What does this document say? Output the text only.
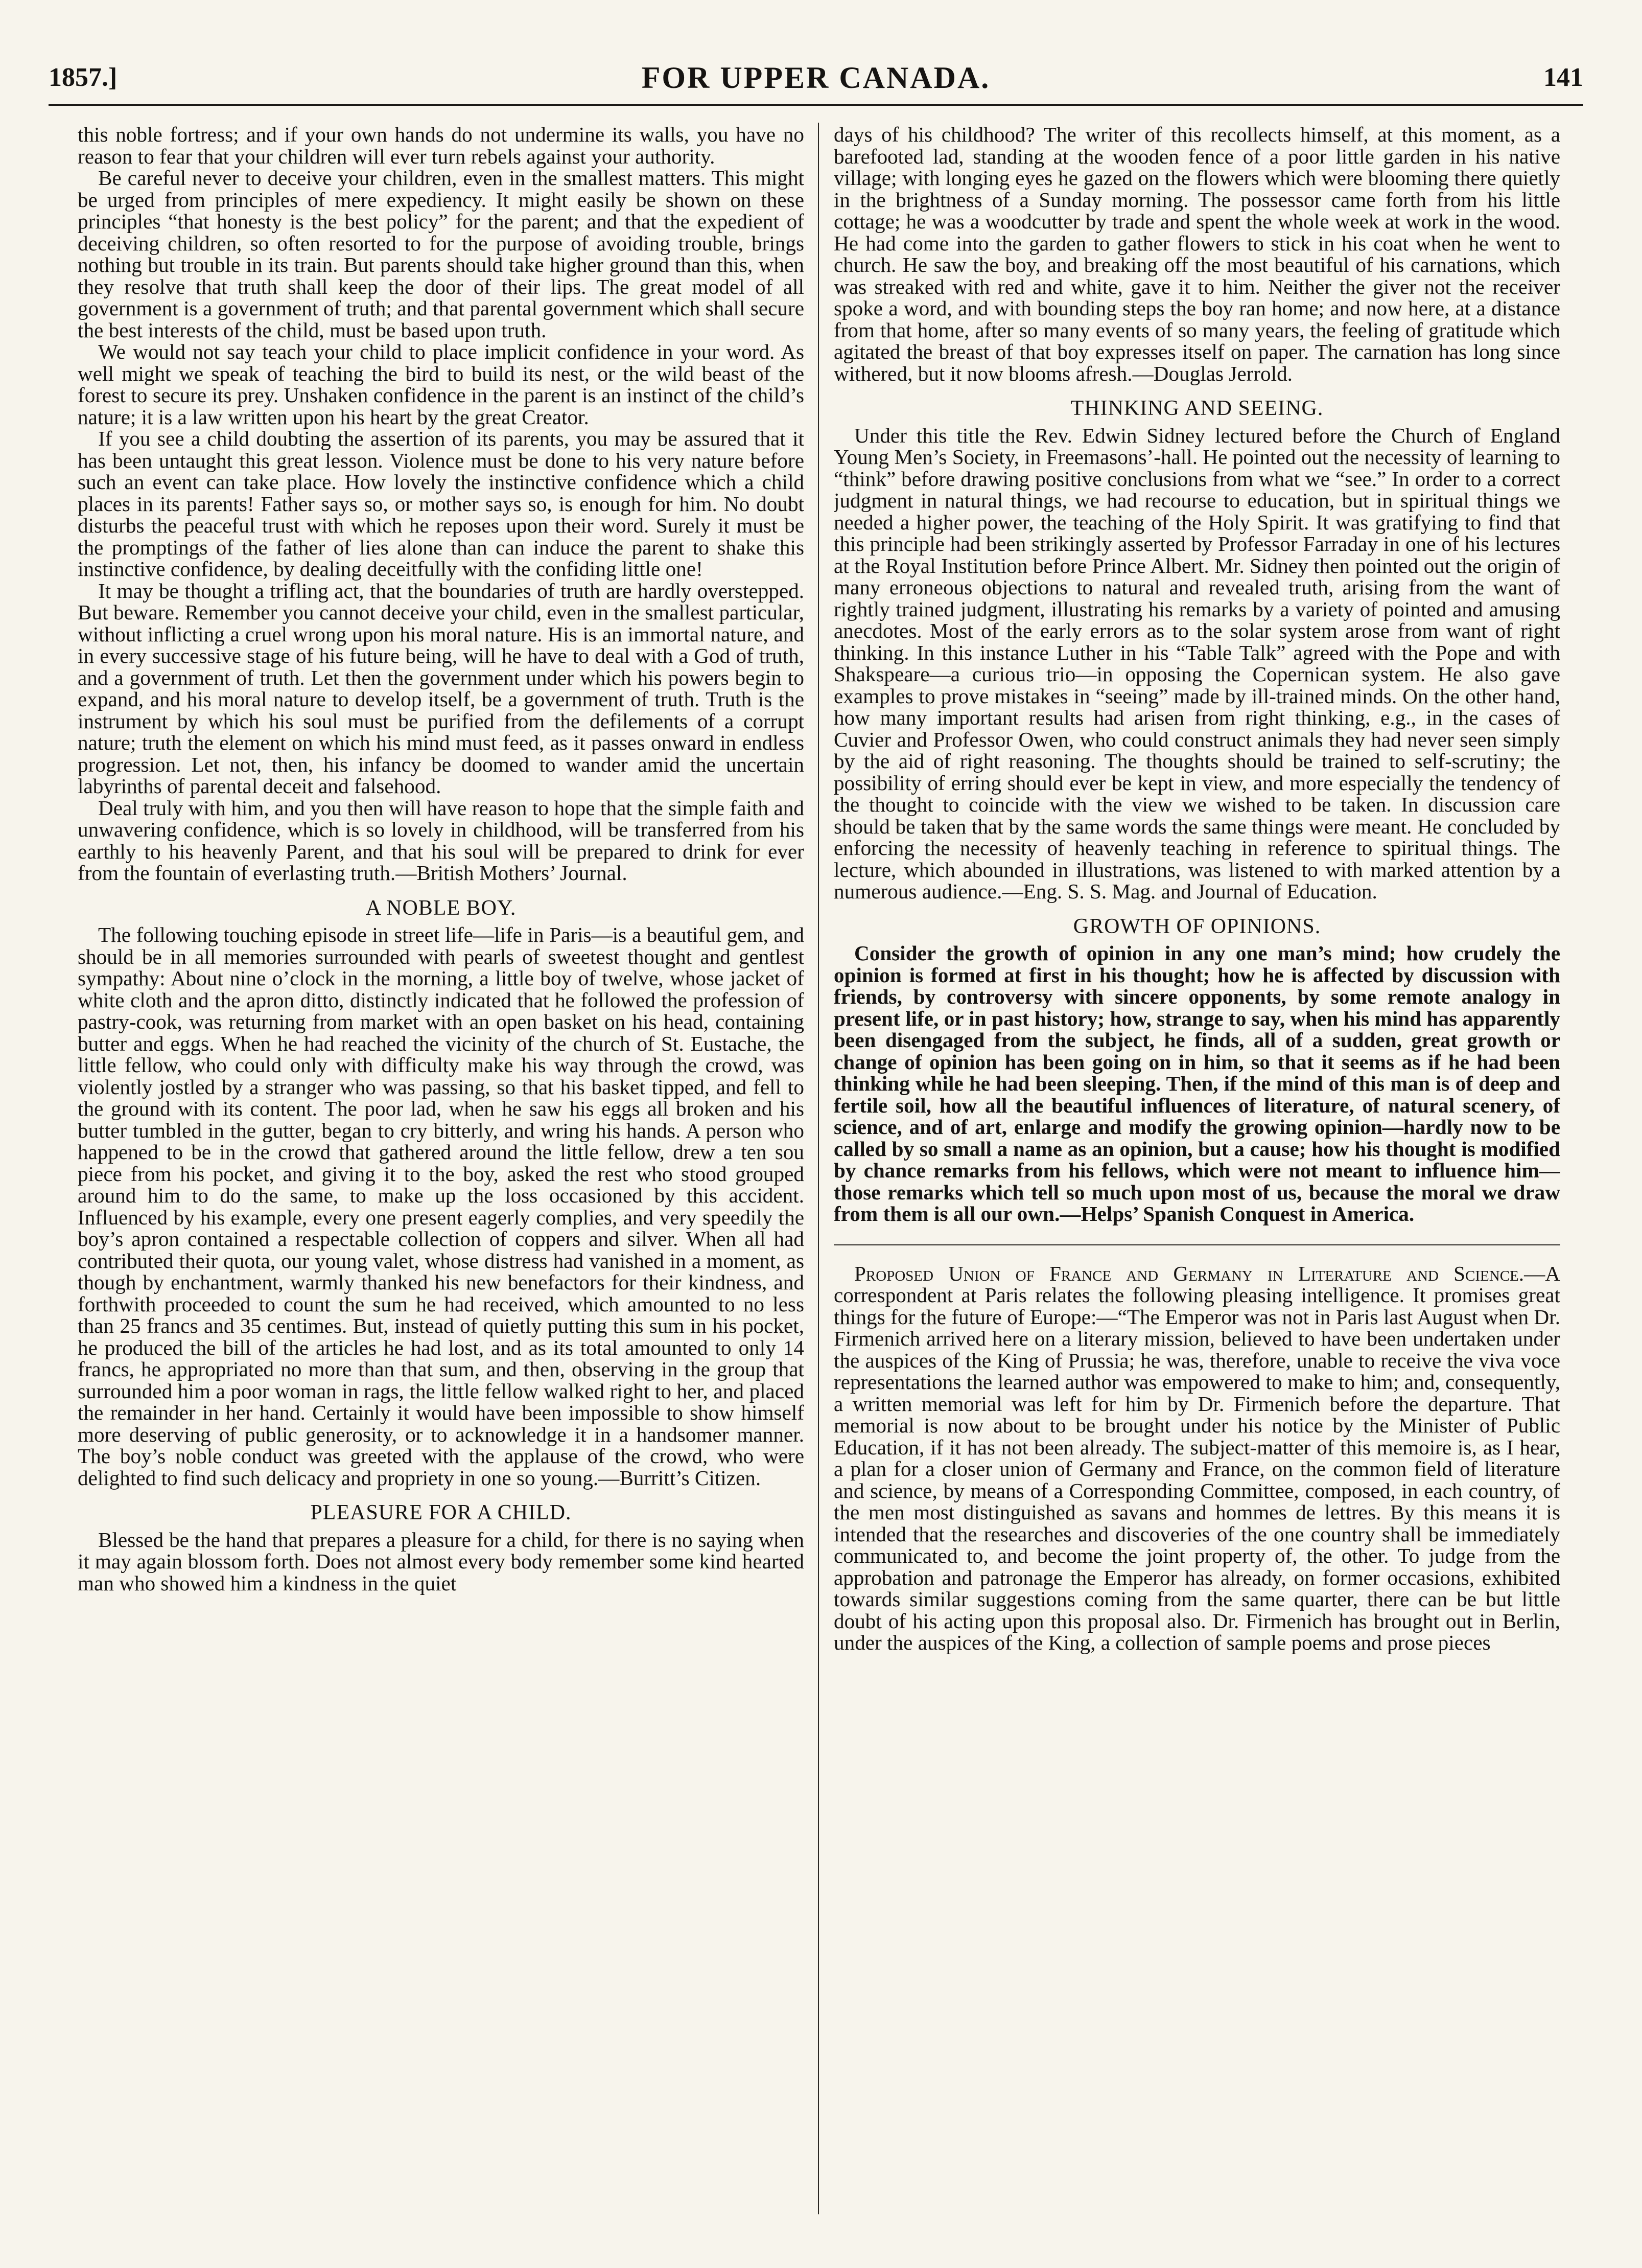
1857.]	FOR UPPER CANADA.	141

this noble fortress; and if your own hands do not undermine its walls, you have no reason to fear that your children will ever turn rebels against your authority.

Be careful never to deceive your children, even in the smallest matters. This might be urged from principles of mere expediency. It might easily be shown on these principles “that honesty is the best policy” for the parent; and that the expedient of deceiving children, so often resorted to for the purpose of avoiding trouble, brings nothing but trouble in its train. But parents should take higher ground than this, when they resolve that truth shall keep the door of their lips. The great model of all government is a government of truth; and that parental government which shall secure the best interests of the child, must be based upon truth.

We would not say teach your child to place implicit confidence in your word. As well might we speak of teaching the bird to build its nest, or the wild beast of the forest to secure its prey. Unshaken confidence in the parent is an instinct of the child’s nature; it is a law written upon his heart by the great Creator.

If you see a child doubting the assertion of its parents, you may be assured that it has been untaught this great lesson. Violence must be done to his very nature before such an event can take place. How lovely the instinctive confidence which a child places in its parents! Father says so, or mother says so, is enough for him. No doubt disturbs the peaceful trust with which he reposes upon their word. Surely it must be the promptings of the father of lies alone than can induce the parent to shake this instinctive confidence, by dealing deceitfully with the confiding little one!

It may be thought a trifling act, that the boundaries of truth are hardly overstepped. But beware. Remember you cannot deceive your child, even in the smallest particular, without inflicting a cruel wrong upon his moral nature. His is an immortal nature, and in every successive stage of his future being, will he have to deal with a God of truth, and a government of truth. Let then the government under which his powers begin to expand, and his moral nature to develop itself, be a government of truth. Truth is the instrument by which his soul must be purified from the defilements of a corrupt nature; truth the element on which his mind must feed, as it passes onward in endless progression. Let not, then, his infancy be doomed to wander amid the uncertain labyrinths of parental deceit and falsehood.

Deal truly with him, and you then will have reason to hope that the simple faith and unwavering confidence, which is so lovely in childhood, will be transferred from his earthly to his heavenly Parent, and that his soul will be prepared to drink for ever from the fountain of everlasting truth.—British Mothers’ Journal.

A NOBLE BOY.

The following touching episode in street life—life in Paris—is a beautiful gem, and should be in all memories surrounded with pearls of sweetest thought and gentlest sympathy: About nine o’clock in the morning, a little boy of twelve, whose jacket of white cloth and the apron ditto, distinctly indicated that he followed the profession of pastry-cook, was returning from market with an open basket on his head, containing butter and eggs. When he had reached the vicinity of the church of St. Eustache, the little fellow, who could only with difficulty make his way through the crowd, was violently jostled by a stranger who was passing, so that his basket tipped, and fell to the ground with its content. The poor lad, when he saw his eggs all broken and his butter tumbled in the gutter, began to cry bitterly, and wring his hands. A person who happened to be in the crowd that gathered around the little fellow, drew a ten sou piece from his pocket, and giving it to the boy, asked the rest who stood grouped around him to do the same, to make up the loss occasioned by this accident. Influenced by his example, every one present eagerly complies, and very speedily the boy’s apron contained a respectable collection of coppers and silver. When all had contributed their quota, our young valet, whose distress had vanished in a moment, as though by enchantment, warmly thanked his new benefactors for their kindness, and forthwith proceeded to count the sum he had received, which amounted to no less than 25 francs and 35 centimes. But, instead of quietly putting this sum in his pocket, he produced the bill of the articles he had lost, and as its total amounted to only 14 francs, he appropriated no more than that sum, and then, observing in the group that surrounded him a poor woman in rags, the little fellow walked right to her, and placed the remainder in her hand. Certainly it would have been impossible to show himself more deserving of public generosity, or to acknowledge it in a handsomer manner. The boy’s noble conduct was greeted with the applause of the crowd, who were delighted to find such delicacy and propriety in one so young.—Burritt’s Citizen.

PLEASURE FOR A CHILD.

Blessed be the hand that prepares a pleasure for a child, for there is no saying when it may again blossom forth. Does not almost every body remember some kind hearted man who showed him a kindness in the quiet

days of his childhood? The writer of this recollects himself, at this moment, as a barefooted lad, standing at the wooden fence of a poor little garden in his native village; with longing eyes he gazed on the flowers which were blooming there quietly in the brightness of a Sunday morning. The possessor came forth from his little cottage; he was a woodcutter by trade and spent the whole week at work in the wood. He had come into the garden to gather flowers to stick in his coat when he went to church. He saw the boy, and breaking off the most beautiful of his carnations, which was streaked with red and white, gave it to him. Neither the giver not the receiver spoke a word, and with bounding steps the boy ran home; and now here, at a distance from that home, after so many events of so many years, the feeling of gratitude which agitated the breast of that boy expresses itself on paper. The carnation has long since withered, but it now blooms afresh.—Douglas Jerrold.

THINKING AND SEEING.

Under this title the Rev. Edwin Sidney lectured before the Church of England Young Men’s Society, in Freemasons’-hall. He pointed out the necessity of learning to “think” before drawing positive conclusions from what we “see.” In order to a correct judgment in natural things, we had recourse to education, but in spiritual things we needed a higher power, the teaching of the Holy Spirit. It was gratifying to find that this principle had been strikingly asserted by Professor Farraday in one of his lectures at the Royal Institution before Prince Albert. Mr. Sidney then pointed out the origin of many erroneous objections to natural and revealed truth, arising from the want of rightly trained judgment, illustrating his remarks by a variety of pointed and amusing anecdotes. Most of the early errors as to the solar system arose from want of right thinking. In this instance Luther in his “Table Talk” agreed with the Pope and with Shakspeare—a curious trio—in opposing the Copernican system. He also gave examples to prove mistakes in “seeing” made by ill-trained minds. On the other hand, how many important results had arisen from right thinking, e.g., in the cases of Cuvier and Professor Owen, who could construct animals they had never seen simply by the aid of right reasoning. The thoughts should be trained to self-scrutiny; the possibility of erring should ever be kept in view, and more especially the tendency of the thought to coincide with the view we wished to be taken. In discussion care should be taken that by the same words the same things were meant. He concluded by enforcing the necessity of heavenly teaching in reference to spiritual things. The lecture, which abounded in illustrations, was listened to with marked attention by a numerous audience.—Eng. S. S. Mag. and Journal of Education.

GROWTH OF OPINIONS.

Consider the growth of opinion in any one man’s mind; how crudely the opinion is formed at first in his thought; how he is affected by discussion with friends, by controversy with sincere opponents, by some remote analogy in present life, or in past history; how, strange to say, when his mind has apparently been disengaged from the subject, he finds, all of a sudden, great growth or change of opinion has been going on in him, so that it seems as if he had been thinking while he had been sleeping. Then, if the mind of this man is of deep and fertile soil, how all the beautiful influences of literature, of natural scenery, of science, and of art, enlarge and modify the growing opinion—hardly now to be called by so small a name as an opinion, but a cause; how his thought is modified by chance remarks from his fellows, which were not meant to influence him—those remarks which tell so much upon most of us, because the moral we draw from them is all our own.—Helps’ Spanish Conquest in America.

Proposed Union of France and Germany in Literature and Science.—A correspondent at Paris relates the following pleasing intelligence. It promises great things for the future of Europe:—“The Emperor was not in Paris last August when Dr. Firmenich arrived here on a literary mission, believed to have been undertaken under the auspices of the King of Prussia; he was, therefore, unable to receive the viva voce representations the learned author was empowered to make to him; and, consequently, a written memorial was left for him by Dr. Firmenich before the departure. That memorial is now about to be brought under his notice by the Minister of Public Education, if it has not been already. The subject-matter of this memoire is, as I hear, a plan for a closer union of Germany and France, on the common field of literature and science, by means of a Corresponding Committee, composed, in each country, of the men most distinguished as savans and hommes de lettres. By this means it is intended that the researches and discoveries of the one country shall be immediately communicated to, and become the joint property of, the other. To judge from the approbation and patronage the Emperor has already, on former occasions, exhibited towards similar suggestions coming from the same quarter, there can be but little doubt of his acting upon this proposal also. Dr. Firmenich has brought out in Berlin, under the auspices of the King, a collection of sample poems and prose pieces
